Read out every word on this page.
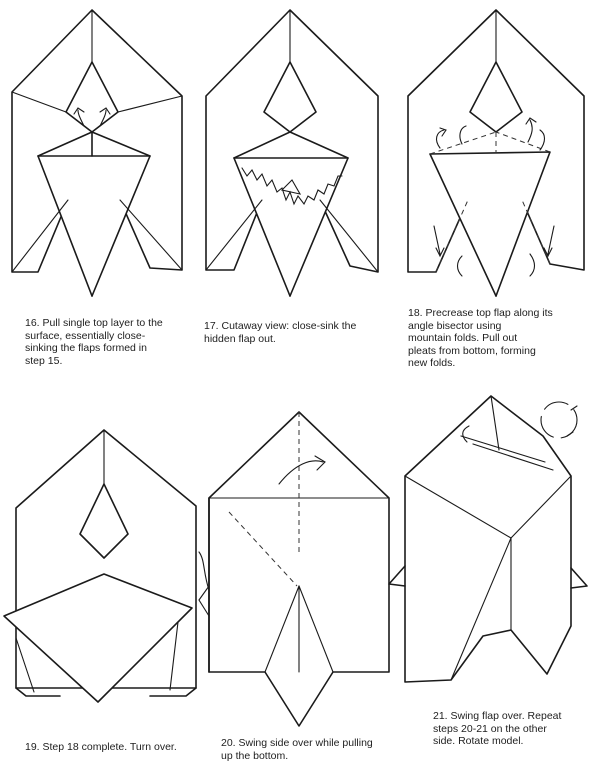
16. Pull single top layer to the
surface, essentially close-
sinking the flaps formed in
step 15.
17. Cutaway view: close-sink the
hidden flap out.
18. Precrease top flap along its
angle bisector using
mountain folds. Pull out
pleats from bottom, forming
new folds.
19. Step 18 complete. Turn over.	20. Swing side over while pulling
up the bottom.
21. Swing flap over. Repeat
steps 20-21 on the other
side. Rotate model.
